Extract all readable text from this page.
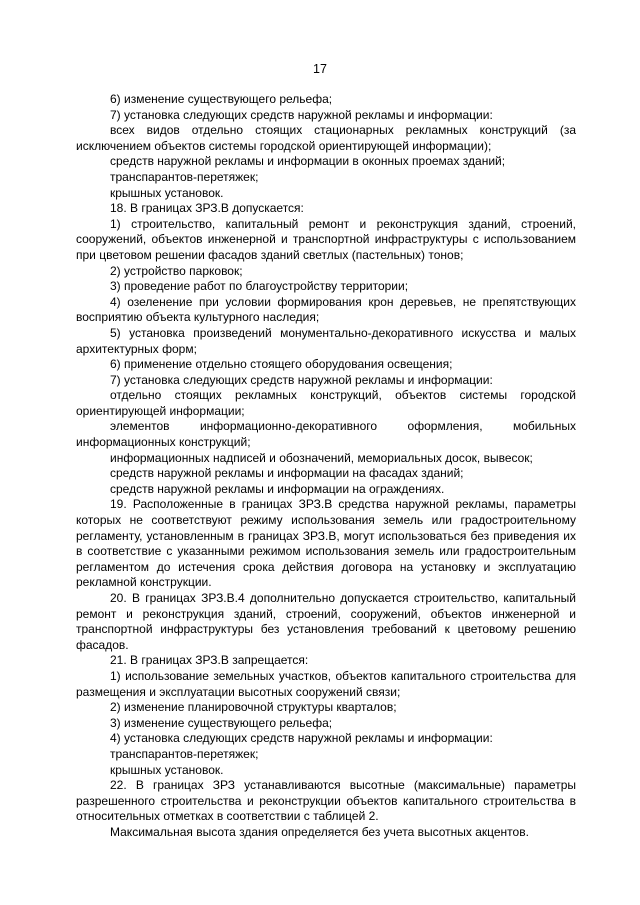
17

6) изменение существующего рельефа;

7) установка следующих средств наружной рекламы и информации:

всех видов отдельно стоящих стационарных рекламных конструкций (за исключением объектов системы городской ориентирующей информации);

средств наружной рекламы и информации в оконных проемах зданий;

транспарантов-перетяжек;

крышных установок.

18. В границах ЗРЗ.В допускается:

1) строительство, капитальный ремонт и реконструкция зданий, строений, сооружений, объектов инженерной и транспортной инфраструктуры с использованием при цветовом решении фасадов зданий светлых (пастельных) тонов;

2) устройство парковок;

3) проведение работ по благоустройству территории;

4) озеленение при условии формирования крон деревьев, не препятствующих восприятию объекта культурного наследия;

5) установка произведений монументально-декоративного искусства и малых архитектурных форм;

6) применение отдельно стоящего оборудования освещения;

7) установка следующих средств наружной рекламы и информации:

отдельно стоящих рекламных конструкций, объектов системы городской ориентирующей информации;

элементов информационно-декоративного оформления, мобильных информационных конструкций;

информационных надписей и обозначений, мемориальных досок, вывесок;

средств наружной рекламы и информации на фасадах зданий;

средств наружной рекламы и информации на ограждениях.

19. Расположенные в границах ЗРЗ.В средства наружной рекламы, параметры которых не соответствуют режиму использования земель или градостроительному регламенту, установленным в границах ЗРЗ.В, могут использоваться без приведения их в соответствие с указанными режимом использования земель или градостроительным регламентом до истечения срока действия договора на установку и эксплуатацию рекламной конструкции.

20. В границах ЗРЗ.В.4 дополнительно допускается строительство, капитальный ремонт и реконструкция зданий, строений, сооружений, объектов инженерной и транспортной инфраструктуры без установления требований к цветовому решению фасадов.

21. В границах ЗРЗ.В запрещается:

1) использование земельных участков, объектов капитального строительства для размещения и эксплуатации высотных сооружений связи;

2) изменение планировочной структуры кварталов;

3) изменение существующего рельефа;

4) установка следующих средств наружной рекламы и информации:

транспарантов-перетяжек;

крышных установок.

22. В границах ЗРЗ устанавливаются высотные (максимальные) параметры разрешенного строительства и реконструкции объектов капитального строительства в относительных отметках в соответствии с таблицей 2.

Максимальная высота здания определяется без учета высотных акцентов.
